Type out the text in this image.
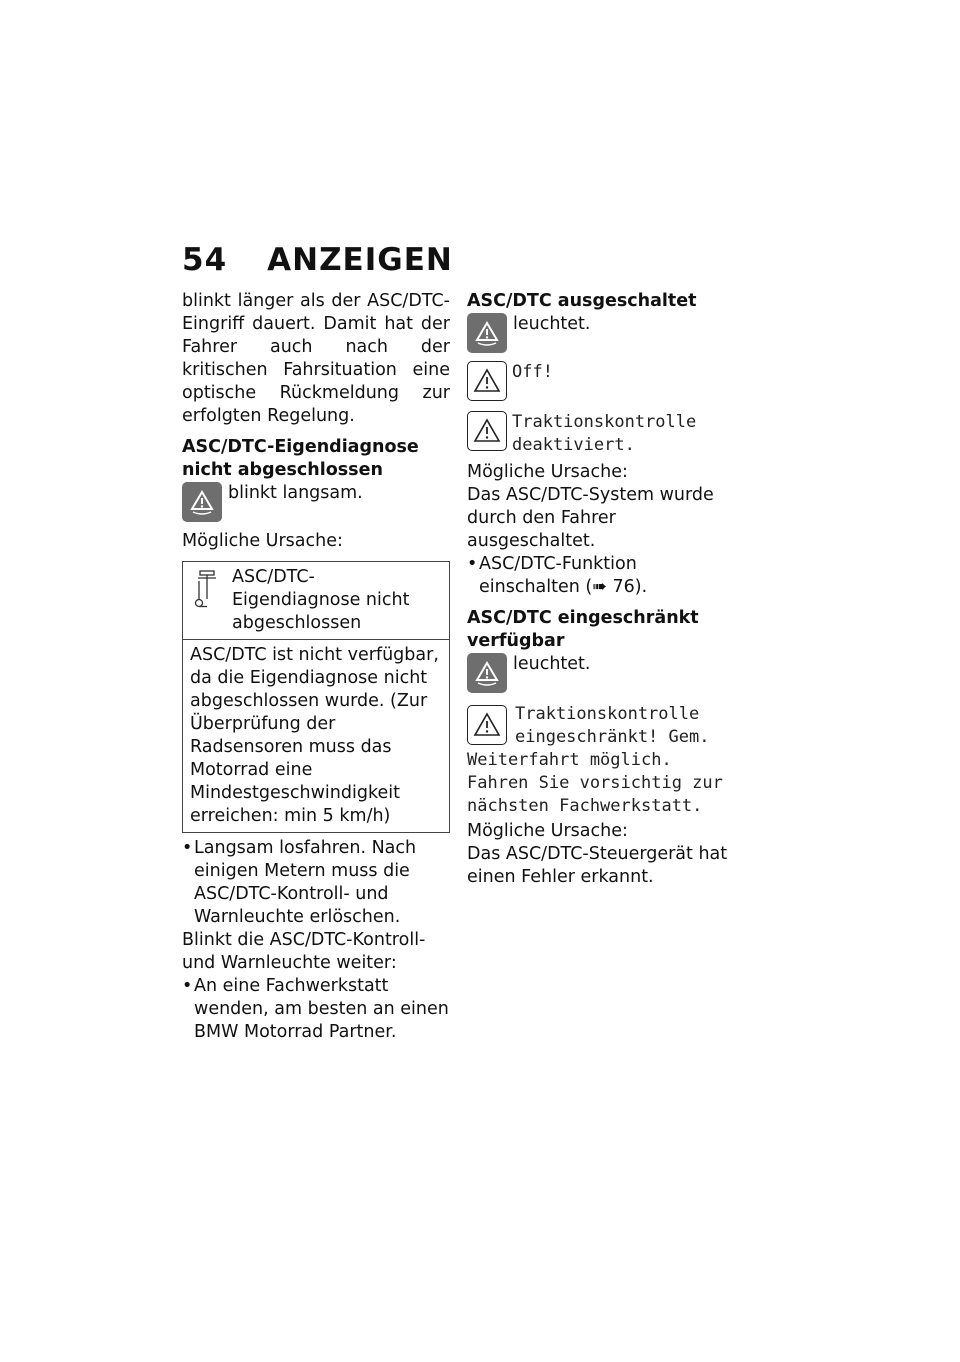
54 ANZEIGEN

blinkt länger als der ASC/DTC-Eingriff dauert. Damit hat der Fahrer auch nach der kritischen Fahrsituation eine optische Rückmeldung zur erfolgten Regelung.

ASC/DTC-Eigendiagnose nicht abgeschlossen

blinkt langsam.

Mögliche Ursache:

ASC/DTC-Eigendiagnose nicht abgeschlossen
ASC/DTC ist nicht verfügbar, da die Eigendiagnose nicht abgeschlossen wurde. (Zur Überprüfung der Radsensoren muss das Motorrad eine Mindestgeschwindigkeit erreichen: min 5 km/h)
• Langsam losfahren. Nach einigen Metern muss die ASC/DTC-Kontroll- und Warnleuchte erlöschen.

Blinkt die ASC/DTC-Kontroll- und Warnleuchte weiter:

• An eine Fachwerkstatt wenden, am besten an einen BMW Motorrad Partner.

ASC/DTC ausgeschaltet

leuchtet.
Off!
Traktionskontrolle deaktiviert.

Mögliche Ursache:

Das ASC/DTC-System wurde durch den Fahrer ausgeschaltet.

• ASC/DTC-Funktion einschalten (➠ 76).

ASC/DTC eingeschränkt verfügbar

leuchtet.
Traktionskontrolle eingeschränkt! Gem. Weiterfahrt möglich. Fahren Sie vorsichtig zur nächsten Fachwerkstatt.

Mögliche Ursache:

Das ASC/DTC-Steuergerät hat einen Fehler erkannt.
